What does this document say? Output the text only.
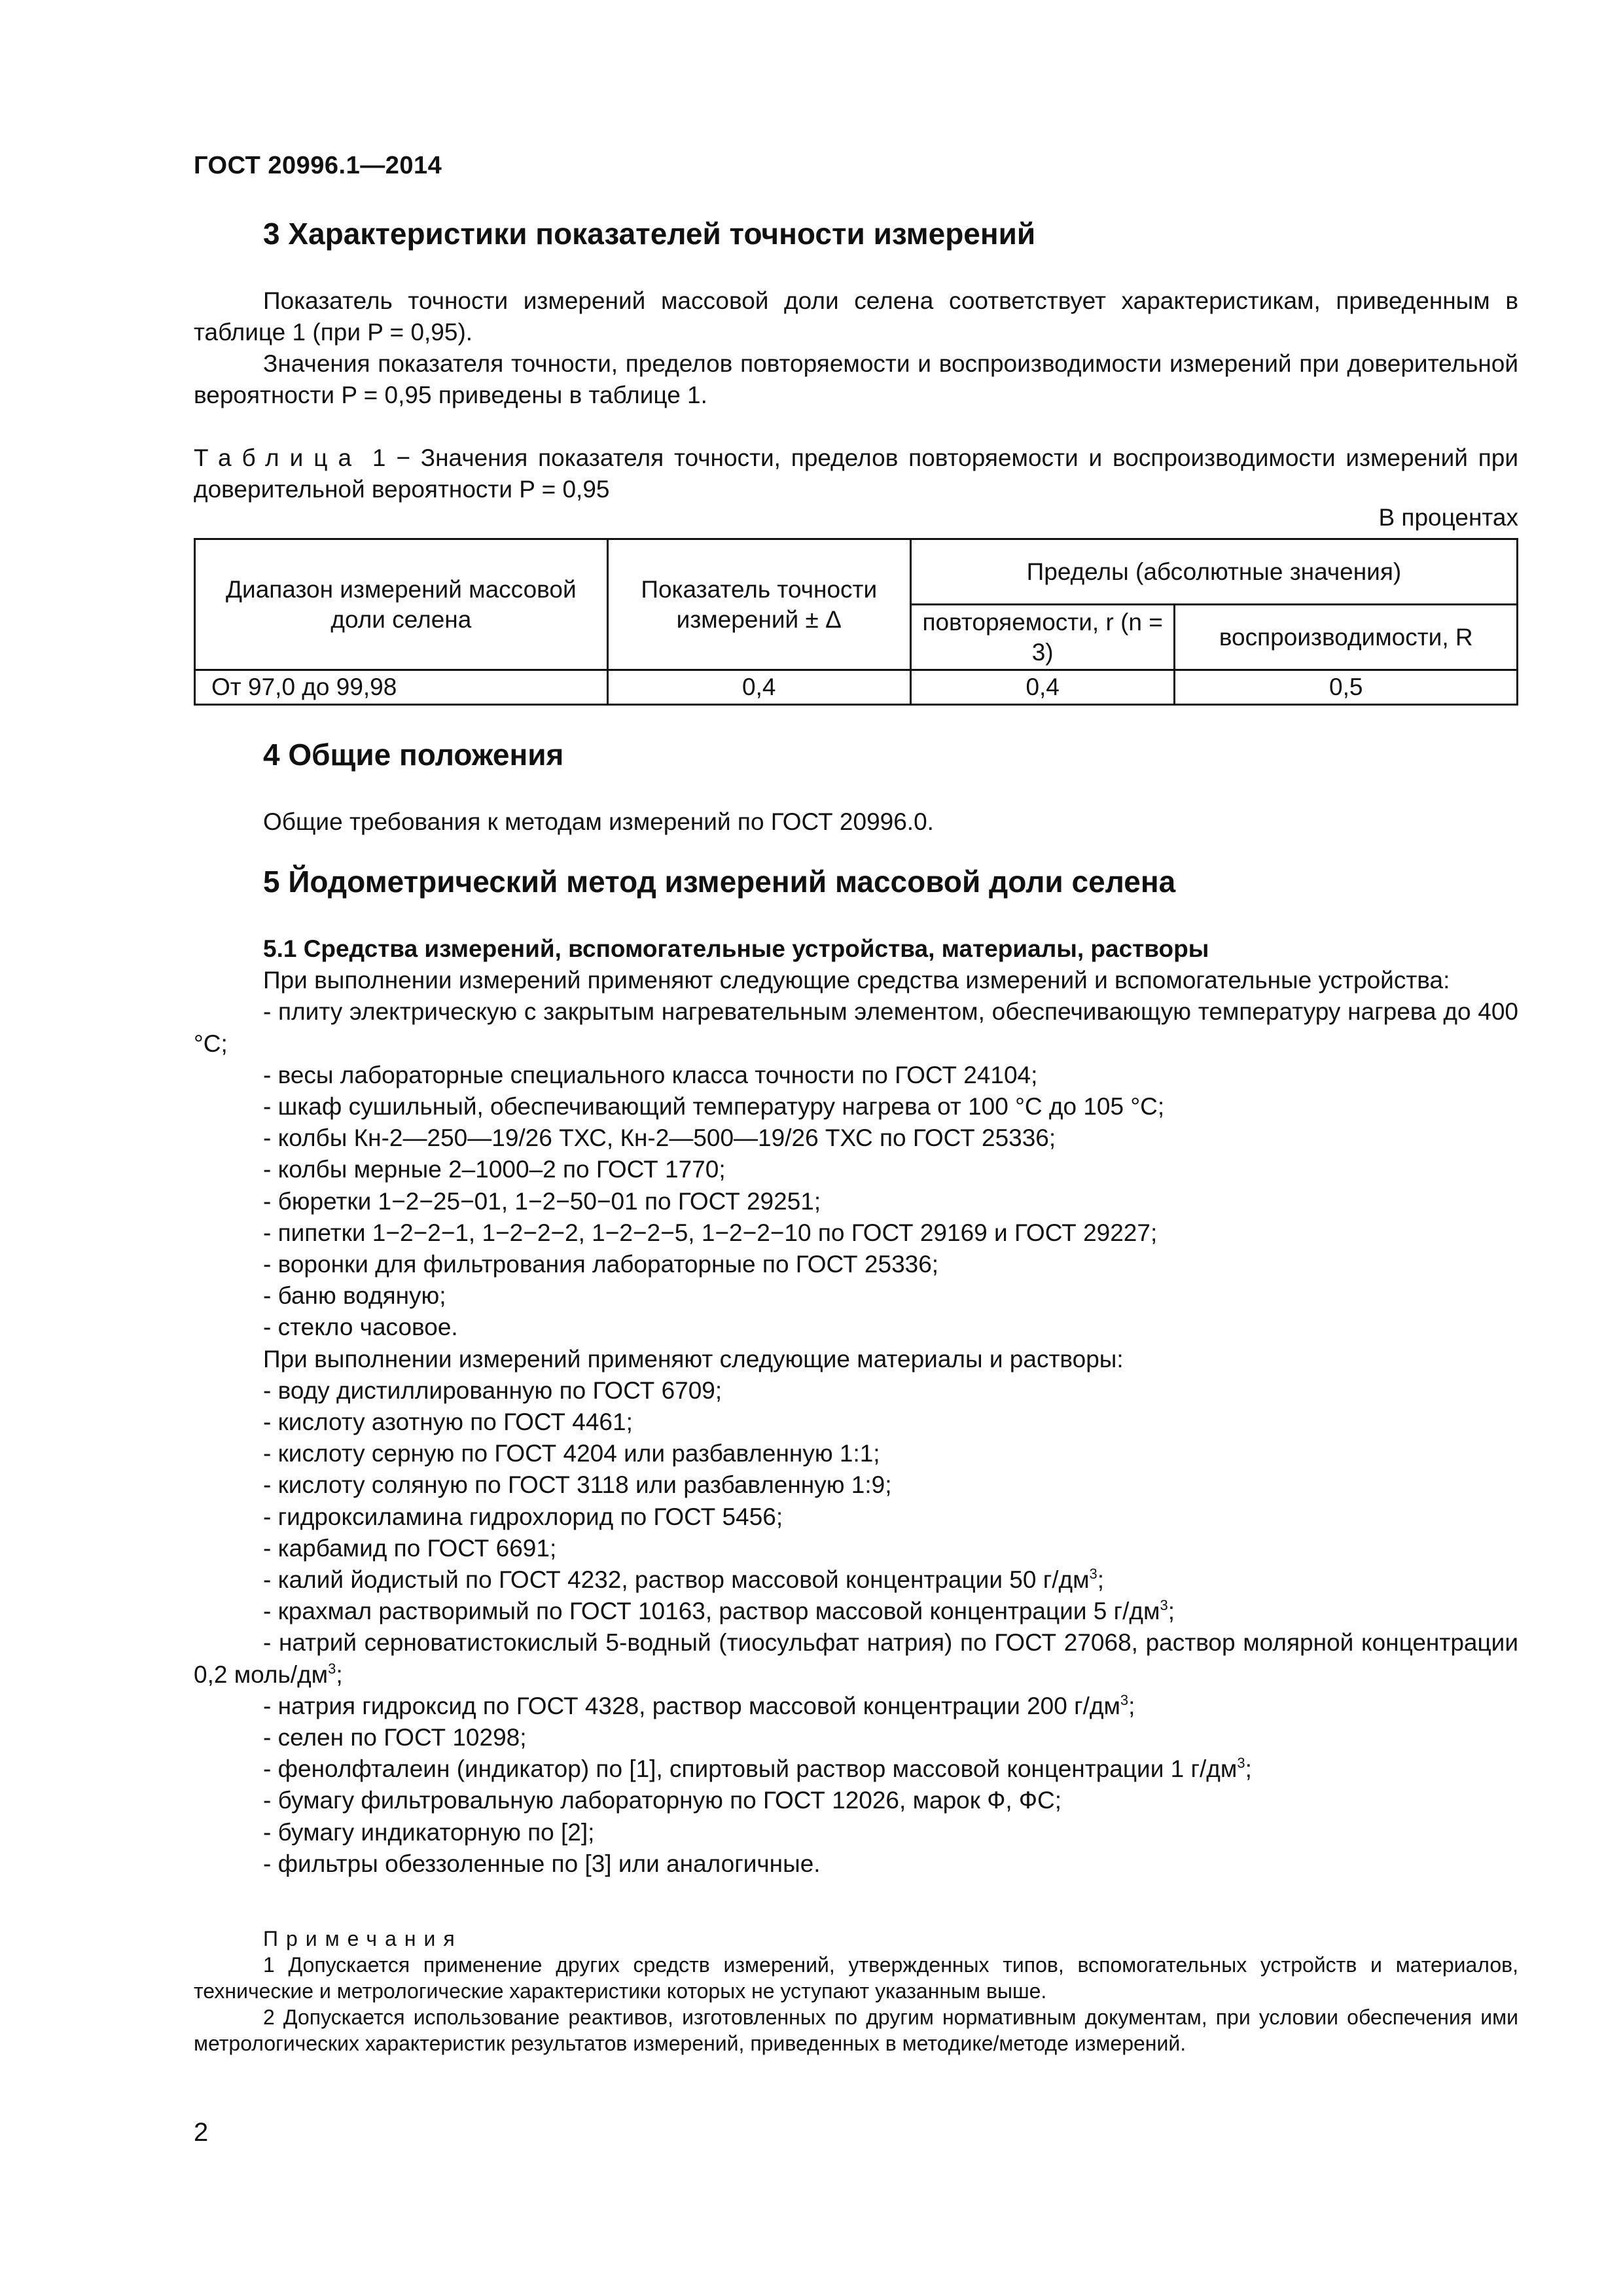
ГОСТ 20996.1—2014
3 Характеристики показателей точности измерений

Показатель точности измерений массовой доли селена соответствует характеристикам, приведенным в таблице 1 (при P = 0,95).

Значения показателя точности, пределов повторяемости и воспроизводимости измерений при доверительной вероятности P = 0,95 приведены в таблице 1.

Таблица 1 − Значения показателя точности, пределов повторяемости и воспроизводимости измерений при доверительной вероятности P = 0,95
В процентах
Диапазон измерений массовой доли селена	Показатель точности измерений ± Δ	Пределы (абсолютные значения)	
		повторяемости, r (n = 3)	воспроизводимости, R
От 97,0 до 99,98	0,4	0,4	0,5
4 Общие положения

Общие требования к методам измерений по ГОСТ 20996.0.

5 Йодометрический метод измерений массовой доли селена

5.1 Средства измерений, вспомогательные устройства, материалы, растворы

При выполнении измерений применяют следующие средства измерений и вспомогательные устройства:

- плиту электрическую с закрытым нагревательным элементом, обеспечивающую температуру нагрева до 400 °С;

- весы лабораторные специального класса точности по ГОСТ 24104;

- шкаф сушильный, обеспечивающий температуру нагрева от 100 °С до 105 °С;

- колбы Кн-2—250—19/26 ТХС, Кн-2—500—19/26 ТХС по ГОСТ 25336;

- колбы мерные 2–1000–2 по ГОСТ 1770;

- бюретки 1−2−25−01, 1−2−50−01 по ГОСТ 29251;

- пипетки 1−2−2−1, 1−2−2−2, 1−2−2−5, 1−2−2−10 по ГОСТ 29169 и ГОСТ 29227;

- воронки для фильтрования лабораторные по ГОСТ 25336;

- баню водяную;

- стекло часовое.

При выполнении измерений применяют следующие материалы и растворы:

- воду дистиллированную по ГОСТ 6709;

- кислоту азотную по ГОСТ 4461;

- кислоту серную по ГОСТ 4204 или разбавленную 1:1;

- кислоту соляную по ГОСТ 3118 или разбавленную 1:9;

- гидроксиламина гидрохлорид по ГОСТ 5456;

- карбамид по ГОСТ 6691;

- калий йодистый по ГОСТ 4232, раствор массовой концентрации 50 $г/дм^3$;

- крахмал растворимый по ГОСТ 10163, раствор массовой концентрации 5 $г/дм^3$;

- натрий серноватистокислый 5-водный (тиосульфат натрия) по ГОСТ 27068, раствор молярной концентрации 0,2 моль/$дм^3$;

- натрия гидроксид по ГОСТ 4328, раствор массовой концентрации 200 $г/дм^3$;

- селен по ГОСТ 10298;

- фенолфталеин (индикатор) по [1], спиртовый раствор массовой концентрации 1 $г/дм^3$;

- бумагу фильтровальную лабораторную по ГОСТ 12026, марок Ф, ФС;

- бумагу индикаторную по [2];

- фильтры обеззоленные по [3] или аналогичные.

Примечания

1 Допускается применение других средств измерений, утвержденных типов, вспомогательных устройств и материалов, технические и метрологические характеристики которых не уступают указанным выше.

2 Допускается использование реактивов, изготовленных по другим нормативным документам, при условии обеспечения ими метрологических характеристик результатов измерений, приведенных в методике/методе измерений.

2
